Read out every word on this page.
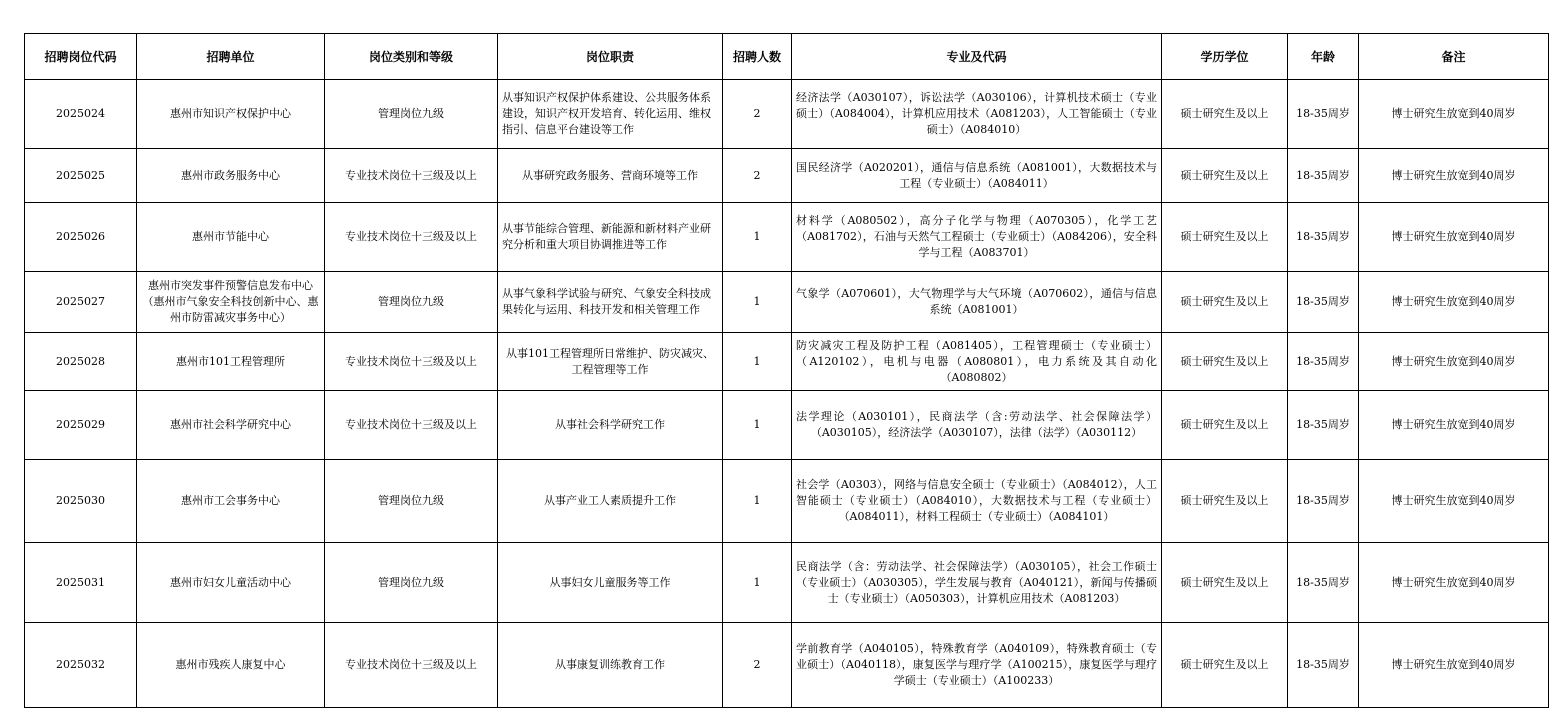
招聘岗位代码	招聘单位	岗位类别和等级	岗位职责	招聘人数	专业及代码	学历学位	年龄	备注
2025024	惠州市知识产权保护中心	管理岗位九级	从事知识产权保护体系建设、公共服务体系建设，知识产权开发培育、转化运用、维权指引、信息平台建设等工作	2	经济法学（A030107），诉讼法学（A030106），计算机技术硕士（专业硕士）（A084004），计算机应用技术（A081203），人工智能硕士（专业硕士）（A084010）	硕士研究生及以上	18-35周岁	博士研究生放宽到40周岁
2025025	惠州市政务服务中心	专业技术岗位十三级及以上	从事研究政务服务、营商环境等工作	2	国民经济学（A020201），通信与信息系统（A081001），大数据技术与工程（专业硕士）（A084011）	硕士研究生及以上	18-35周岁	博士研究生放宽到40周岁
2025026	惠州市节能中心	专业技术岗位十三级及以上	从事节能综合管理、新能源和新材料产业研究分析和重大项目协调推进等工作	1	材料学（A080502），高分子化学与物理（A070305），化学工艺（A081702），石油与天然气工程硕士（专业硕士）（A084206），安全科学与工程（A083701）	硕士研究生及以上	18-35周岁	博士研究生放宽到40周岁
2025027	惠州市突发事件预警信息发布中心（惠州市气象安全科技创新中心、惠州市防雷减灾事务中心）	管理岗位九级	从事气象科学试验与研究、气象安全科技成果转化与运用、科技开发和相关管理工作	1	气象学（A070601），大气物理学与大气环境（A070602），通信与信息系统（A081001）	硕士研究生及以上	18-35周岁	博士研究生放宽到40周岁
2025028	惠州市101工程管理所	专业技术岗位十三级及以上	从事101工程管理所日常维护、防灾减灾、工程管理等工作	1	防灾减灾工程及防护工程（A081405），工程管理硕士（专业硕士）（A120102），电机与电器（A080801），电力系统及其自动化（A080802）	硕士研究生及以上	18-35周岁	博士研究生放宽到40周岁
2025029	惠州市社会科学研究中心	专业技术岗位十三级及以上	从事社会科学研究工作	1	法学理论（A030101），民商法学（含:劳动法学、社会保障法学）（A030105），经济法学（A030107），法律（法学）（A030112）	硕士研究生及以上	18-35周岁	博士研究生放宽到40周岁
2025030	惠州市工会事务中心	管理岗位九级	从事产业工人素质提升工作	1	社会学（A0303），网络与信息安全硕士（专业硕士）（A084012），人工智能硕士（专业硕士）（A084010），大数据技术与工程（专业硕士）（A084011），材料工程硕士（专业硕士）（A084101）	硕士研究生及以上	18-35周岁	博士研究生放宽到40周岁
2025031	惠州市妇女儿童活动中心	管理岗位九级	从事妇女儿童服务等工作	1	民商法学（含：劳动法学、社会保障法学）（A030105），社会工作硕士（专业硕士）（A030305），学生发展与教育（A040121），新闻与传播硕士（专业硕士）（A050303），计算机应用技术（A081203）	硕士研究生及以上	18-35周岁	博士研究生放宽到40周岁
2025032	惠州市残疾人康复中心	专业技术岗位十三级及以上	从事康复训练教育工作	2	学前教育学（A040105），特殊教育学（A040109），特殊教育硕士（专业硕士）（A040118），康复医学与理疗学（A100215），康复医学与理疗学硕士（专业硕士）（A100233）	硕士研究生及以上	18-35周岁	博士研究生放宽到40周岁
